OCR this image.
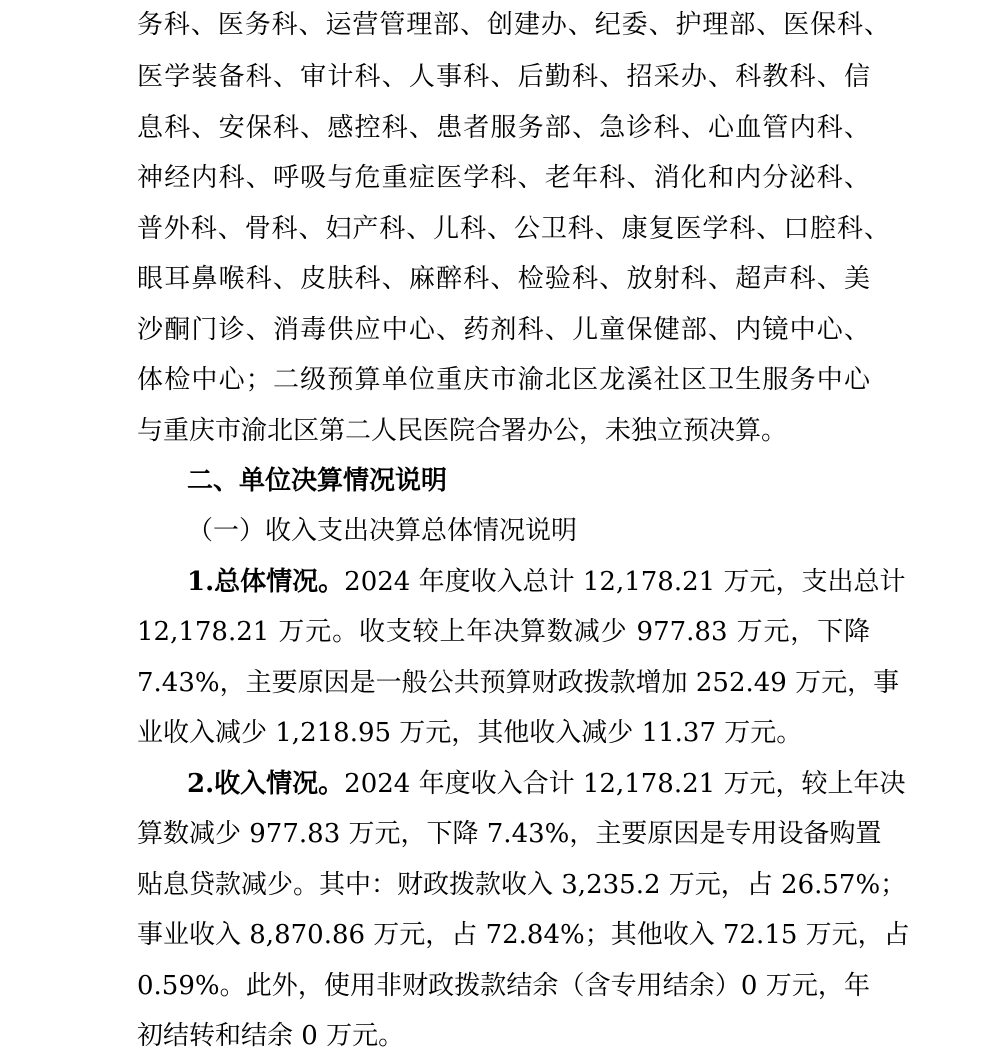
务科、医务科、运营管理部、创建办、纪委、护理部、医保科、
医学装备科、审计科、人事科、后勤科、招采办、科教科、信
息科、安保科、感控科、患者服务部、急诊科、心血管内科、
神经内科、呼吸与危重症医学科、老年科、消化和内分泌科、
普外科、骨科、妇产科、儿科、公卫科、康复医学科、口腔科、
眼耳鼻喉科、皮肤科、麻醉科、检验科、放射科、超声科、美
沙酮门诊、消毒供应中心、药剂科、儿童保健部、内镜中心、
体检中心；二级预算单位重庆市渝北区龙溪社区卫生服务中心
与重庆市渝北区第二人民医院合署办公，未独立预决算。
二、单位决算情况说明
（一）收入支出决算总体情况说明
1.总体情况。2024 年度收入总计 12,178.21 万元，支出总计
12,178.21 万元。收支较上年决算数减少 977.83 万元，下降
7.43%，主要原因是一般公共预算财政拨款增加 252.49 万元，事
业收入减少 1,218.95 万元，其他收入减少 11.37 万元。
2.收入情况。2024 年度收入合计 12,178.21 万元，较上年决
算数减少 977.83 万元，下降 7.43%，主要原因是专用设备购置
贴息贷款减少。其中：财政拨款收入 3,235.2 万元，占 26.57%；
事业收入 8,870.86 万元，占 72.84%；其他收入 72.15 万元，占
0.59%。此外，使用非财政拨款结余（含专用结余）0 万元，年
初结转和结余 0 万元。
